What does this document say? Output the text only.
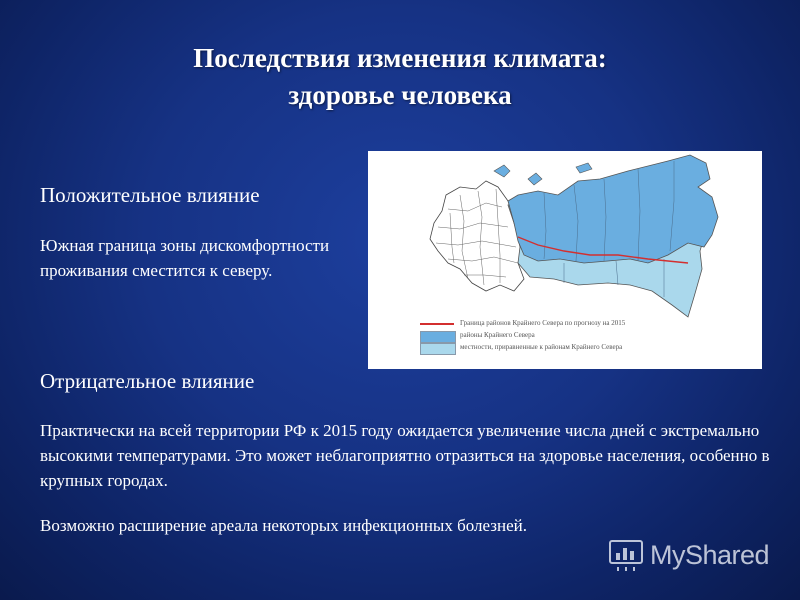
Последствия изменения климата:
здоровье человека
Положительное влияние
Южная граница зоны дискомфортности проживания сместится к северу.
Граница районов Крайнего Севера по прогнозу на 2015
районы Крайнего Севера
местности, приравненные к районам Крайнего Севера
Отрицательное влияние
Практически на всей территории РФ к 2015 году ожидается увеличение числа дней с экстремально высокими температурами. Это может неблагоприятно отразиться на здоровье населения, особенно в крупных городах.
Возможно расширение ареала некоторых инфекционных болезней.
MyShared
